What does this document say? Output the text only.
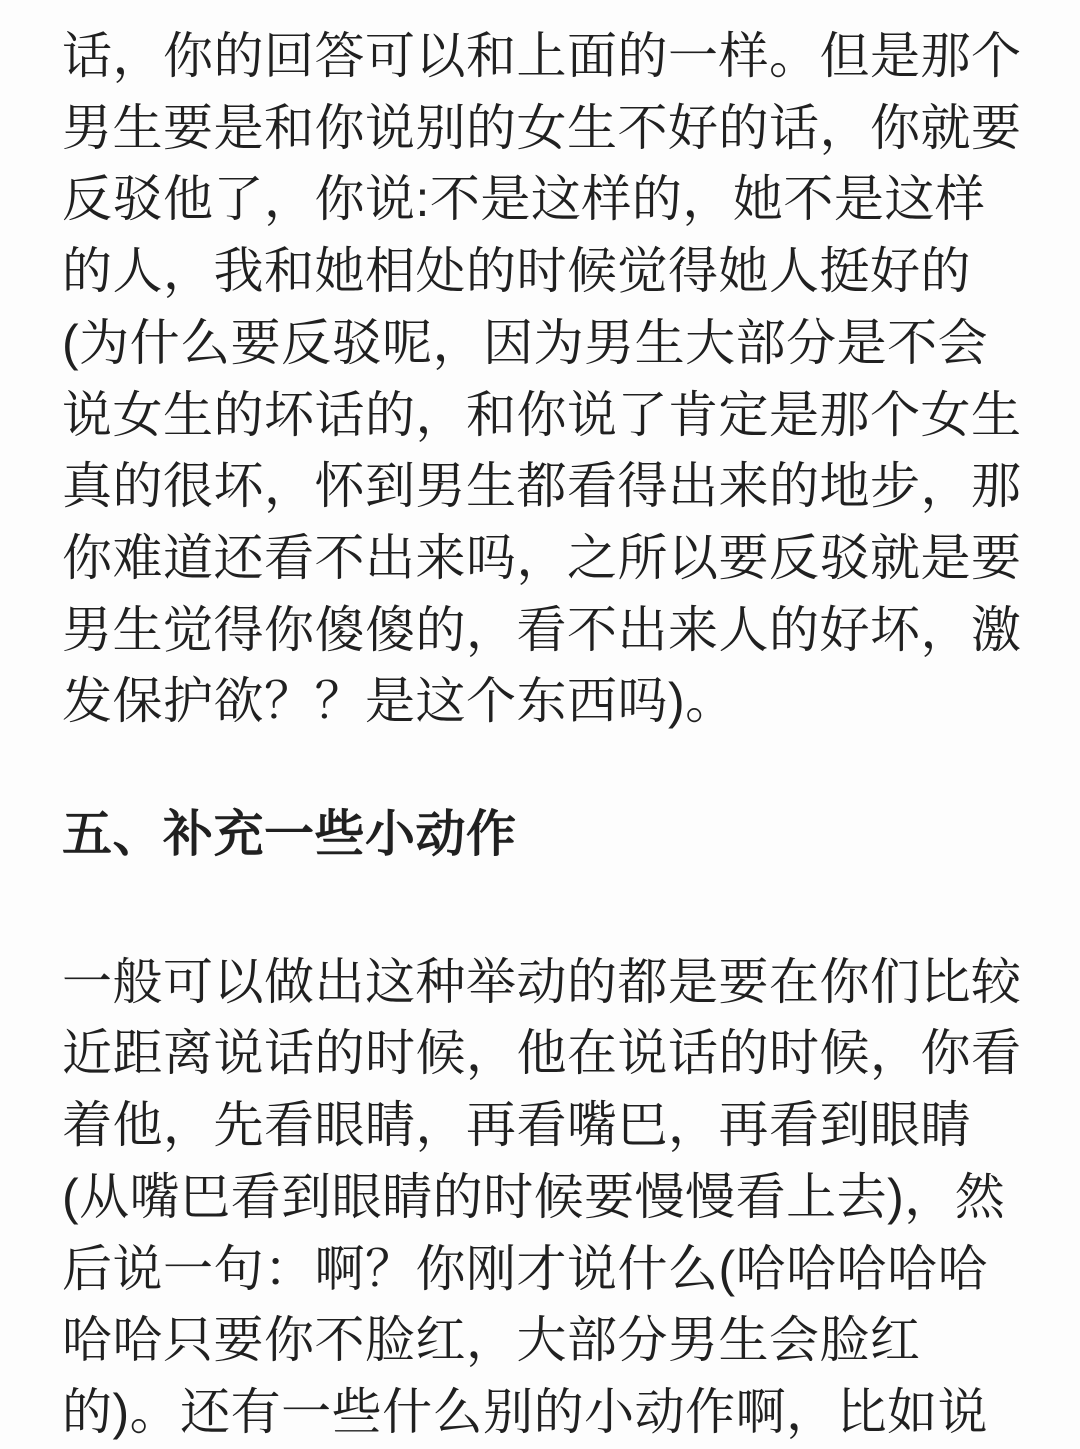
话，你的回答可以和上面的一样。但是那个

男生要是和你说别的女生不好的话，你就要

反驳他了，你说:不是这样的，她不是这样

的人，我和她相处的时候觉得她人挺好的

(为什么要反驳呢，因为男生大部分是不会

说女生的坏话的，和你说了肯定是那个女生

真的很坏，怀到男生都看得出来的地步，那

你难道还看不出来吗，之所以要反驳就是要

男生觉得你傻傻的，看不出来人的好坏，激

发保护欲？？是这个东西吗)。

五、补充一些小动作

一般可以做出这种举动的都是要在你们比较

近距离说话的时候，他在说话的时候，你看

着他，先看眼睛，再看嘴巴，再看到眼睛

(从嘴巴看到眼睛的时候要慢慢看上去)，然

后说一句：啊？你刚才说什么(哈哈哈哈哈

哈哈只要你不脸红，大部分男生会脸红

的)。还有一些什么别的小动作啊，比如说
